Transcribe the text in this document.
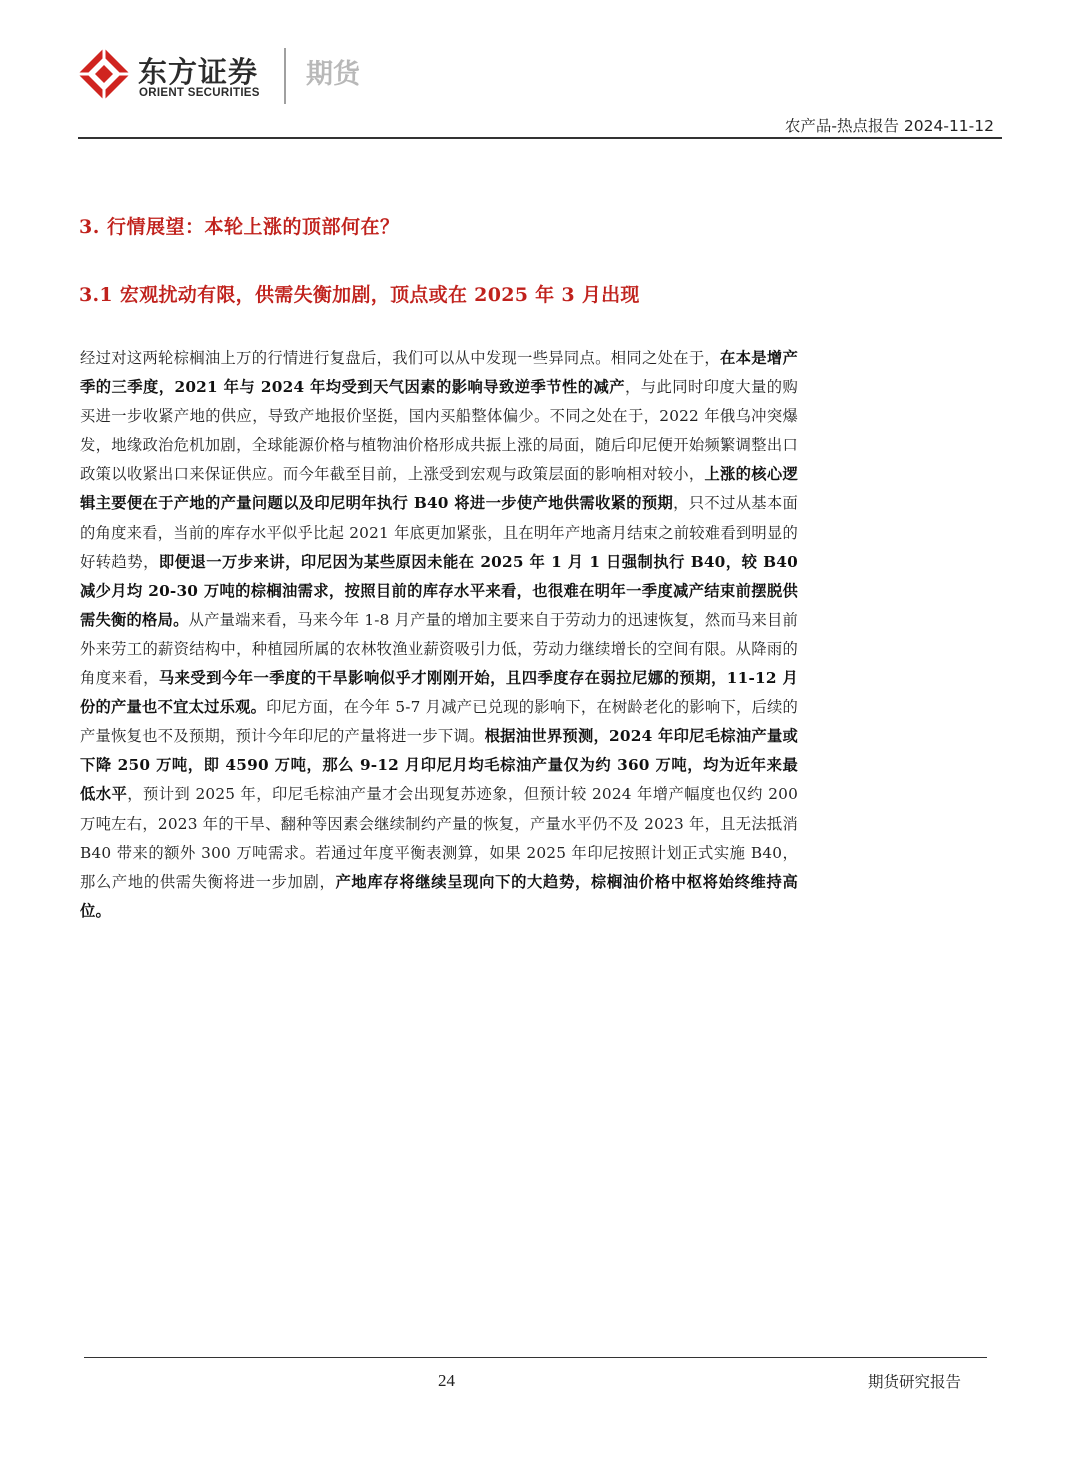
东方证券
ORIENT SECURITIES
期货
农产品-热点报告 2024-11-12
3. 行情展望：本轮上涨的顶部何在？
3.1 宏观扰动有限，供需失衡加剧，顶点或在 2025 年 3 月出现
经过对这两轮棕榈油上万的行情进行复盘后，我们可以从中发现一些异同点。相同之处在于，在本是增产季的三季度，2021 年与 2024 年均受到天气因素的影响导致逆季节性的减产，与此同时印度大量的购买进一步收紧产地的供应，导致产地报价坚挺，国内买船整体偏少。不同之处在于，2022 年俄乌冲突爆发，地缘政治危机加剧，全球能源价格与植物油价格形成共振上涨的局面，随后印尼便开始频繁调整出口政策以收紧出口来保证供应。而今年截至目前，上涨受到宏观与政策层面的影响相对较小，上涨的核心逻辑主要便在于产地的产量问题以及印尼明年执行 B40 将进一步使产地供需收紧的预期，只不过从基本面的角度来看，当前的库存水平似乎比起 2021 年底更加紧张，且在明年产地斋月结束之前较难看到明显的好转趋势，即便退一万步来讲，印尼因为某些原因未能在 2025 年 1 月 1 日强制执行 B40，较 B40 减少月均 20-30 万吨的棕榈油需求，按照目前的库存水平来看，也很难在明年一季度减产结束前摆脱供需失衡的格局。从产量端来看，马来今年 1-8 月产量的增加主要来自于劳动力的迅速恢复，然而马来目前外来劳工的薪资结构中，种植园所属的农林牧渔业薪资吸引力低，劳动力继续增长的空间有限。从降雨的角度来看，马来受到今年一季度的干旱影响似乎才刚刚开始，且四季度存在弱拉尼娜的预期，11-12 月份的产量也不宜太过乐观。印尼方面，在今年 5-7 月减产已兑现的影响下，在树龄老化的影响下，后续的产量恢复也不及预期，预计今年印尼的产量将进一步下调。根据油世界预测，2024 年印尼毛棕油产量或下降 250 万吨，即 4590 万吨，那么 9-12 月印尼月均毛棕油产量仅为约 360 万吨，均为近年来最低水平，预计到 2025 年，印尼毛棕油产量才会出现复苏迹象，但预计较 2024 年增产幅度也仅约 200 万吨左右，2023 年的干旱、翻种等因素会继续制约产量的恢复，产量水平仍不及 2023 年，且无法抵消 B40 带来的额外 300 万吨需求。若通过年度平衡表测算，如果 2025 年印尼按照计划正式实施 B40，那么产地的供需失衡将进一步加剧，产地库存将继续呈现向下的大趋势，棕榈油价格中枢将始终维持高位。
24	期货研究报告
